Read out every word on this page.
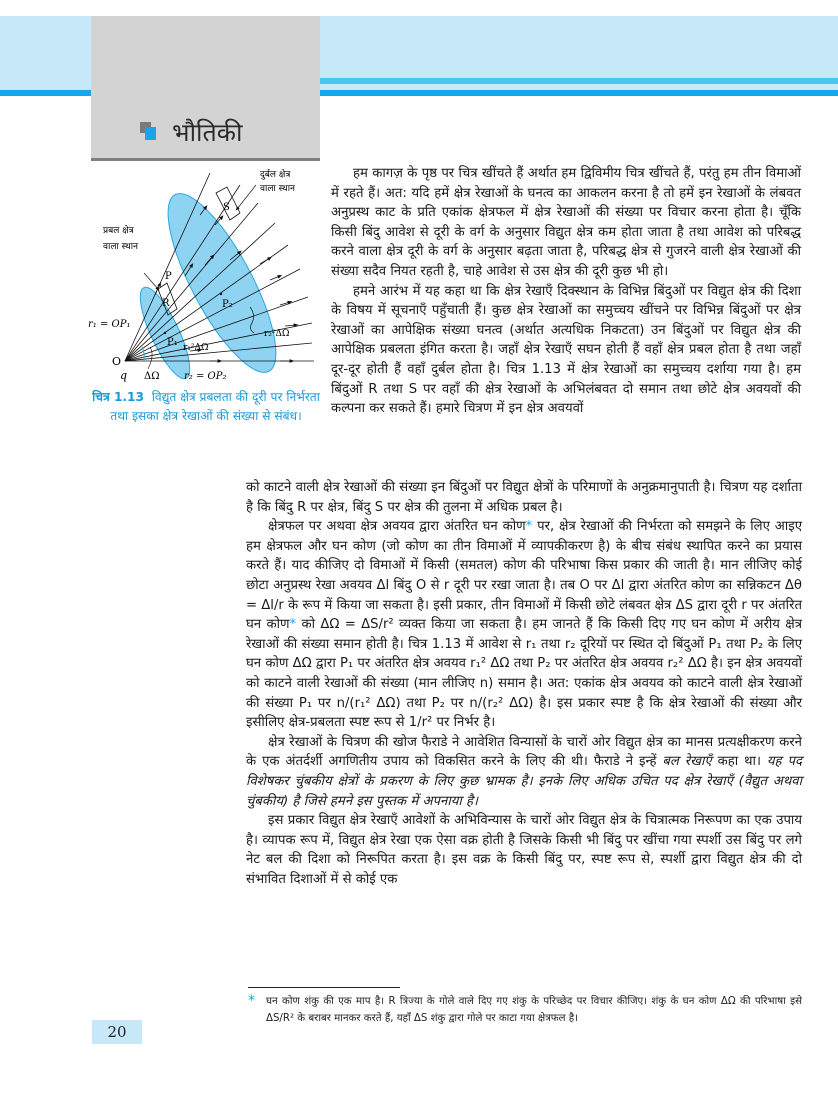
भौतिकी
S
R
P
P₁
P₂
दुर्बल क्षेत्र
वाला स्थान
प्रबल क्षेत्र
वाला स्थान
r₁ = OP₁
O
q ΔΩ r₂ = OP₂
r₁²ΔΩ
r₂²ΔΩ
चित्र 1.13 विद्युत क्षेत्र प्रबलता की दूरी पर निर्भरता तथा इसका क्षेत्र रेखाओं की संख्या से संबंध।

हम कागज़ के पृष्ठ पर चित्र खींचते हैं अर्थात हम द्विविमीय चित्र खींचते हैं, परंतु हम तीन विमाओं में रहते हैं। अत: यदि हमें क्षेत्र रेखाओं के घनत्व का आकलन करना है तो हमें इन रेखाओं के लंबवत अनुप्रस्थ काट के प्रति एकांक क्षेत्रफल में क्षेत्र रेखाओं की संख्या पर विचार करना होता है। चूँकि किसी बिंदु आवेश से दूरी के वर्ग के अनुसार विद्युत क्षेत्र कम होता जाता है तथा आवेश को परिबद्ध करने वाला क्षेत्र दूरी के वर्ग के अनुसार बढ़ता जाता है, परिबद्ध क्षेत्र से गुजरने वाली क्षेत्र रेखाओं की संख्या सदैव नियत रहती है, चाहे आवेश से उस क्षेत्र की दूरी कुछ भी हो।

हमने आरंभ में यह कहा था कि क्षेत्र रेखाएँ दिक्स्थान के विभिन्न बिंदुओं पर विद्युत क्षेत्र की दिशा के विषय में सूचनाएँ पहुँचाती हैं। कुछ क्षेत्र रेखाओं का समुच्चय खींचने पर विभिन्न बिंदुओं पर क्षेत्र रेखाओं का आपेक्षिक संख्या घनत्व (अर्थात अत्यधिक निकटता) उन बिंदुओं पर विद्युत क्षेत्र की आपेक्षिक प्रबलता इंगित करता है। जहाँ क्षेत्र रेखाएँ सघन होती हैं वहाँ क्षेत्र प्रबल होता है तथा जहाँ दूर-दूर होती हैं वहाँ दुर्बल होता है। चित्र 1.13 में क्षेत्र रेखाओं का समुच्चय दर्शाया गया है। हम बिंदुओं R तथा S पर वहाँ की क्षेत्र रेखाओं के अभिलंबवत दो समान तथा छोटे क्षेत्र अवयवों की कल्पना कर सकते हैं। हमारे चित्रण में इन क्षेत्र अवयवों

को काटने वाली क्षेत्र रेखाओं की संख्या इन बिंदुओं पर विद्युत क्षेत्रों के परिमाणों के अनुक्रमानुपाती है। चित्रण यह दर्शाता है कि बिंदु R पर क्षेत्र, बिंदु S पर क्षेत्र की तुलना में अधिक प्रबल है।

क्षेत्रफल पर अथवा क्षेत्र अवयव द्वारा अंतरित घन कोण* पर, क्षेत्र रेखाओं की निर्भरता को समझने के लिए आइए हम क्षेत्रफल और घन कोण (जो कोण का तीन विमाओं में व्यापकीकरण है) के बीच संबंध स्थापित करने का प्रयास करते हैं। याद कीजिए दो विमाओं में किसी (समतल) कोण की परिभाषा किस प्रकार की जाती है। मान लीजिए कोई छोटा अनुप्रस्थ रेखा अवयव Δl बिंदु O से r दूरी पर रखा जाता है। तब O पर Δl द्वारा अंतरित कोण का सन्निकटन Δθ = Δl/r के रूप में किया जा सकता है। इसी प्रकार, तीन विमाओं में किसी छोटे लंबवत क्षेत्र ΔS द्वारा दूरी r पर अंतरित घन कोण* को ΔΩ = ΔS/r² व्यक्त किया जा सकता है। हम जानते हैं कि किसी दिए गए घन कोण में अरीय क्षेत्र रेखाओं की संख्या समान होती है। चित्र 1.13 में आवेश से r₁ तथा r₂ दूरियों पर स्थित दो बिंदुओं P₁ तथा P₂ के लिए घन कोण ΔΩ द्वारा P₁ पर अंतरित क्षेत्र अवयव r₁² ΔΩ तथा P₂ पर अंतरित क्षेत्र अवयव r₂² ΔΩ है। इन क्षेत्र अवयवों को काटने वाली रेखाओं की संख्या (मान लीजिए n) समान है। अत: एकांक क्षेत्र अवयव को काटने वाली क्षेत्र रेखाओं की संख्या P₁ पर n/(r₁² ΔΩ) तथा P₂ पर n/(r₂² ΔΩ) है। इस प्रकार स्पष्ट है कि क्षेत्र रेखाओं की संख्या और इसीलिए क्षेत्र-प्रबलता स्पष्ट रूप से 1/r² पर निर्भर है।

क्षेत्र रेखाओं के चित्रण की खोज फैराडे ने आवेशित विन्यासों के चारों ओर विद्युत क्षेत्र का मानस प्रत्यक्षीकरण करने के एक अंतर्दर्शी अगणितीय उपाय को विकसित करने के लिए की थी। फैराडे ने इन्हें बल रेखाएँ कहा था। यह पद विशेषकर चुंबकीय क्षेत्रों के प्रकरण के लिए कुछ भ्रामक है। इनके लिए अधिक उचित पद क्षेत्र रेखाएँ (वैद्युत अथवा चुंबकीय) है जिसे हमने इस पुस्तक में अपनाया है।

इस प्रकार विद्युत क्षेत्र रेखाएँ आवेशों के अभिविन्यास के चारों ओर विद्युत क्षेत्र के चित्रात्मक निरूपण का एक उपाय है। व्यापक रूप में, विद्युत क्षेत्र रेखा एक ऐसा वक्र होती है जिसके किसी भी बिंदु पर खींचा गया स्पर्शी उस बिंदु पर लगे नेट बल की दिशा को निरूपित करता है। इस वक्र के किसी बिंदु पर, स्पष्ट रूप से, स्पर्शी द्वारा विद्युत क्षेत्र की दो संभावित दिशाओं में से कोई एक

* घन कोण शंकु की एक माप है। R त्रिज्या के गोले वाले दिए गए शंकु के परिच्छेद पर विचार कीजिए। शंकु के घन कोण ΔΩ की परिभाषा इसे ΔS/R² के बराबर मानकर करते हैं, यहाँ ΔS शंकु द्वारा गोले पर काटा गया क्षेत्रफल है।
20
